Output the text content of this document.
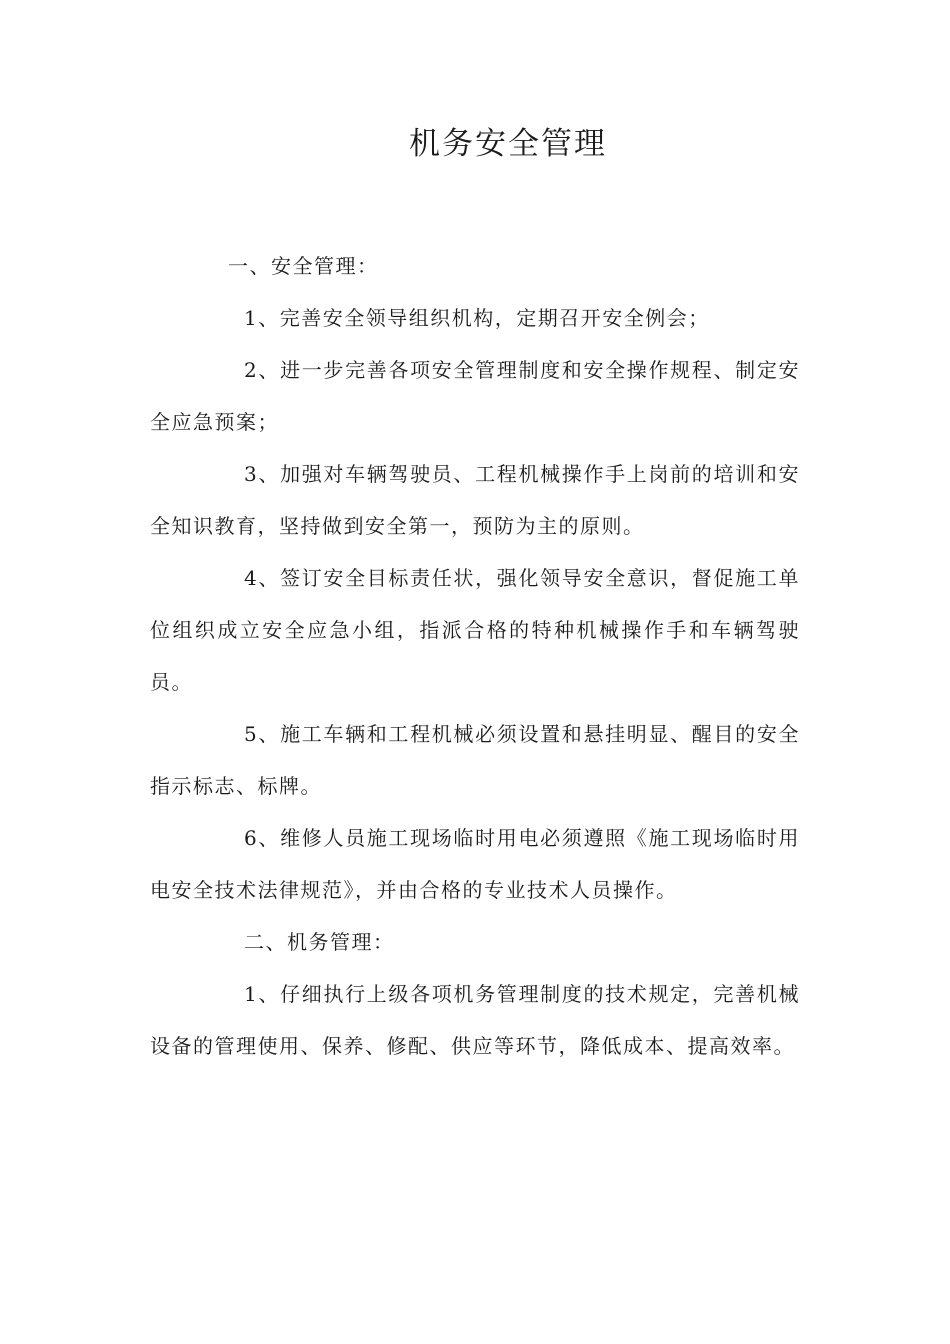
机务安全管理

一、安全管理：

1、完善安全领导组织机构，定期召开安全例会；

2、进一步完善各项安全管理制度和安全操作规程、制定安全应急预案；

3、加强对车辆驾驶员、工程机械操作手上岗前的培训和安全知识教育，坚持做到安全第一，预防为主的原则。

4、签订安全目标责任状，强化领导安全意识，督促施工单位组织成立安全应急小组，指派合格的特种机械操作手和车辆驾驶员。

5、施工车辆和工程机械必须设置和悬挂明显、醒目的安全指示标志、标牌。

6、维修人员施工现场临时用电必须遵照《施工现场临时用电安全技术法律规范》，并由合格的专业技术人员操作。

二、机务管理：

1、仔细执行上级各项机务管理制度的技术规定，完善机械设备的管理使用、保养、修配、供应等环节，降低成本、提高效率。
